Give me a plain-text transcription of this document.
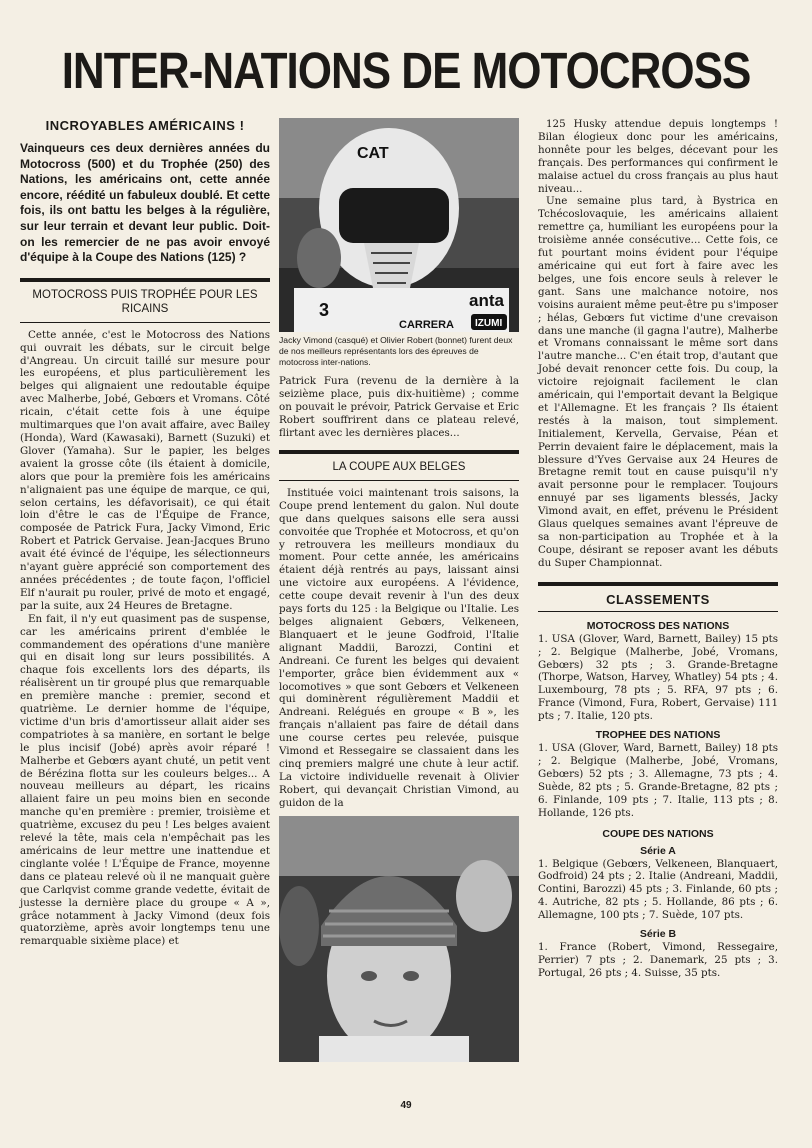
INTER-NATIONS DE MOTOCROSS
INCROYABLES AMÉRICAINS !
Vainqueurs ces deux dernières années du Motocross (500) et du Trophée (250) des Nations, les américains ont, cette année encore, réédité un fabuleux doublé. Et cette fois, ils ont battu les belges à la régulière, sur leur terrain et devant leur public. Doit-on les remercier de ne pas avoir envoyé d'équipe à la Coupe des Nations (125) ?
MOTOCROSS PUIS TROPHÉE POUR LES RICAINS

Cette année, c'est le Motocross des Nations qui ouvrait les débats, sur le circuit belge d'Angreau. Un circuit taillé sur mesure pour les européens, et plus particulièrement les belges qui alignaient une redoutable équipe avec Malherbe, Jobé, Gebœrs et Vromans. Côté ricain, c'était cette fois à une équipe multimarques que l'on avait affaire, avec Bailey (Honda), Ward (Kawasaki), Barnett (Suzuki) et Glover (Yamaha). Sur le papier, les belges avaient la grosse côte (ils étaient à domicile, alors que pour la première fois les américains n'alignaient pas une équipe de marque, ce qui, selon certains, les défavorisait), ce qui était loin d'être le cas de l'Équipe de France, composée de Patrick Fura, Jacky Vimond, Eric Robert et Patrick Gervaise. Jean-Jacques Bruno avait été évincé de l'équipe, les sélectionneurs n'ayant guère apprécié son comportement des années précédentes ; de toute façon, l'officiel Elf n'aurait pu rouler, privé de moto et engagé, par la suite, aux 24 Heures de Bretagne.

En fait, il n'y eut quasiment pas de suspense, car les américains prirent d'emblée le commandement des opérations d'une manière qui en disait long sur leurs possibilités. A chaque fois excellents lors des départs, ils réalisèrent un tir groupé plus que remarquable en première manche : premier, second et quatrième. Le dernier homme de l'équipe, victime d'un bris d'amortisseur allait aider ses compatriotes à sa manière, en sortant le belge le plus incisif (Jobé) après avoir réparé ! Malherbe et Gebœrs ayant chuté, un petit vent de Bérézina flotta sur les couleurs belges... A nouveau meilleurs au départ, les ricains allaient faire un peu moins bien en seconde manche qu'en première : premier, troisième et quatrième, excusez du peu ! Les belges avaient relevé la tête, mais cela n'empêchait pas les américains de leur mettre une inattendue et cinglante volée ! L'Équipe de France, moyenne dans ce plateau relevé où il ne manquait guère que Carlqvist comme grande vedette, évitait de justesse la dernière place du groupe « A », grâce notamment à Jacky Vimond (deux fois quatorzième, après avoir longtemps tenu une remarquable sixième place) et

CAT
3	anta
CARRERA IZUMI
Jacky Vimond (casqué) et Olivier Robert (bonnet) furent deux de nos meilleurs représentants lors des épreuves de motocross inter-nations.

Patrick Fura (revenu de la dernière à la seizième place, puis dix-huitième) ; comme on pouvait le prévoir, Patrick Gervaise et Eric Robert souffrirent dans ce plateau relevé, flirtant avec les dernières places...

LA COUPE AUX BELGES

Instituée voici maintenant trois saisons, la Coupe prend lentement du galon. Nul doute que dans quelques saisons elle sera aussi convoitée que Trophée et Motocross, et qu'on y retrouvera les meilleurs mondiaux du moment. Pour cette année, les américains étaient déjà rentrés au pays, laissant ainsi une victoire aux européens. A l'évidence, cette coupe devait revenir à l'un des deux pays forts du 125 : la Belgique ou l'Italie. Les belges alignaient Gebœrs, Velkeneen, Blanquaert et le jeune Godfroid, l'Italie alignant Maddii, Barozzi, Contini et Andreani. Ce furent les belges qui devaient l'emporter, grâce bien évidemment aux « locomotives » que sont Gebœrs et Velkeneen qui dominèrent régulièrement Maddii et Andreani. Relégués en groupe « B », les français n'allaient pas faire de détail dans une course certes peu relevée, puisque Vimond et Ressegaire se classaient dans les cinq premiers malgré une chute à leur actif. La victoire individuelle revenait à Olivier Robert, qui devançait Christian Vimond, au guidon de la

125 Husky attendue depuis longtemps ! Bilan élogieux donc pour les américains, honnête pour les belges, décevant pour les français. Des performances qui confirment le malaise actuel du cross français au plus haut niveau...

Une semaine plus tard, à Bystrica en Tchécoslovaquie, les américains allaient remettre ça, humiliant les européens pour la troisième année consécutive... Cette fois, ce fut pourtant moins évident pour l'équipe américaine qui eut fort à faire avec les belges, une fois encore seuls à relever le gant. Sans une malchance notoire, nos voisins auraient même peut-être pu s'imposer ; hélas, Gebœrs fut victime d'une crevaison dans une manche (il gagna l'autre), Malherbe et Vromans connaissant le même sort dans l'autre manche... C'en était trop, d'autant que Jobé devait renoncer cette fois. Du coup, la victoire rejoignait facilement le clan américain, qui l'emportait devant la Belgique et l'Allemagne. Et les français ? Ils étaient restés à la maison, tout simplement. Initialement, Kervella, Gervaise, Péan et Perrin devaient faire le déplacement, mais la blessure d'Yves Gervaise aux 24 Heures de Bretagne remit tout en cause puisqu'il n'y avait personne pour le remplacer. Toujours ennuyé par ses ligaments blessés, Jacky Vimond avait, en effet, prévenu le Président Glaus quelques semaines avant l'épreuve de sa non-participation au Trophée et à la Coupe, désirant se reposer avant les débuts du Super Championnat.

CLASSEMENTS
MOTOCROSS DES NATIONS
1. USA (Glover, Ward, Barnett, Bailey) 15 pts ; 2. Belgique (Malherbe, Jobé, Vromans, Gebœrs) 32 pts ; 3. Grande-Bretagne (Thorpe, Watson, Harvey, Whatley) 54 pts ; 4. Luxembourg, 78 pts ; 5. RFA, 97 pts ; 6. France (Vimond, Fura, Robert, Gervaise) 111 pts ; 7. Italie, 120 pts.
TROPHEE DES NATIONS
1. USA (Glover, Ward, Barnett, Bailey) 18 pts ; 2. Belgique (Malherbe, Jobé, Vromans, Gebœrs) 52 pts ; 3. Allemagne, 73 pts ; 4. Suède, 82 pts ; 5. Grande-Bretagne, 82 pts ; 6. Finlande, 109 pts ; 7. Italie, 113 pts ; 8. Hollande, 126 pts.
COUPE DES NATIONS
Série A
1. Belgique (Gebœrs, Velkeneen, Blanquaert, Godfroid) 24 pts ; 2. Italie (Andreani, Maddii, Contini, Barozzi) 45 pts ; 3. Finlande, 60 pts ; 4. Autriche, 82 pts ; 5. Hollande, 86 pts ; 6. Allemagne, 100 pts ; 7. Suède, 107 pts.
Série B
1. France (Robert, Vimond, Ressegaire, Perrier) 7 pts ; 2. Danemark, 25 pts ; 3. Portugal, 26 pts ; 4. Suisse, 35 pts.
49
